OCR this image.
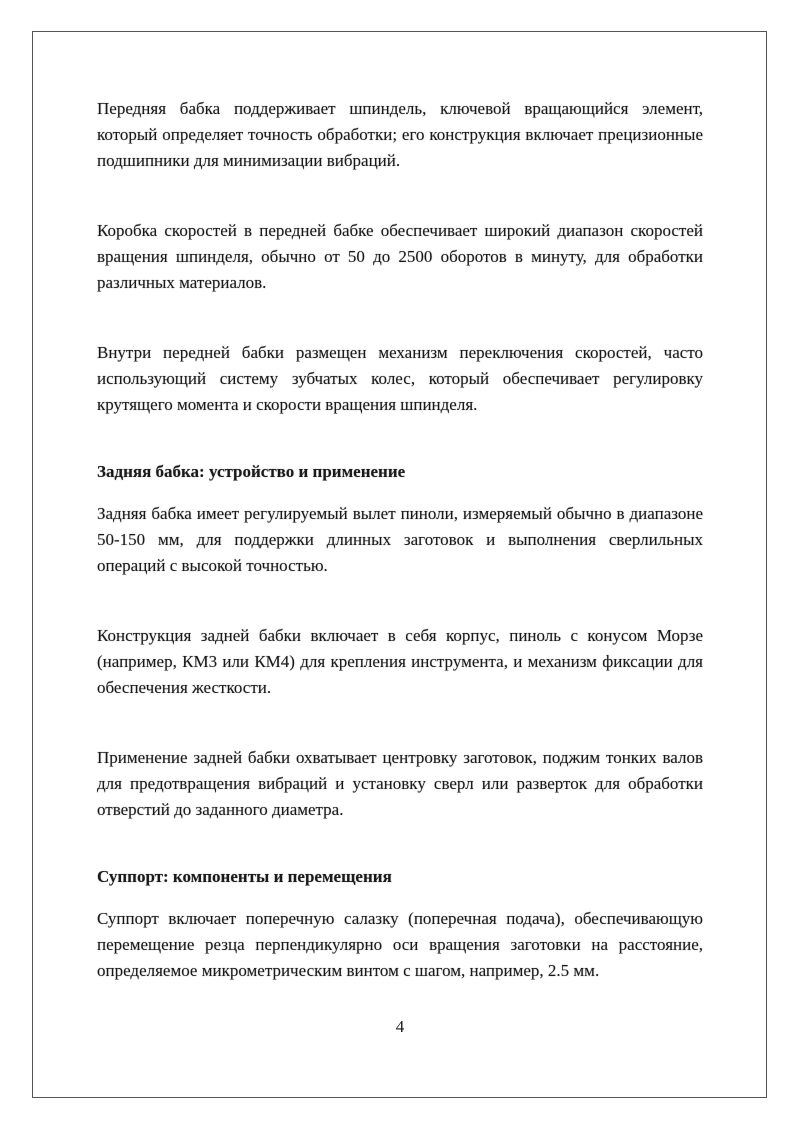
Передняя бабка поддерживает шпиндель, ключевой вращающийся элемент, который определяет точность обработки; его конструкция включает прецизионные подшипники для минимизации вибраций.

Коробка скоростей в передней бабке обеспечивает широкий диапазон скоростей вращения шпинделя, обычно от 50 до 2500 оборотов в минуту, для обработки различных материалов.

Внутри передней бабки размещен механизм переключения скоростей, часто использующий систему зубчатых колес, который обеспечивает регулировку крутящего момента и скорости вращения шпинделя.

Задняя бабка: устройство и применение

Задняя бабка имеет регулируемый вылет пиноли, измеряемый обычно в диапазоне 50-150 мм, для поддержки длинных заготовок и выполнения сверлильных операций с высокой точностью.

Конструкция задней бабки включает в себя корпус, пиноль с конусом Морзе (например, КМ3 или КМ4) для крепления инструмента, и механизм фиксации для обеспечения жесткости.

Применение задней бабки охватывает центровку заготовок, поджим тонких валов для предотвращения вибраций и установку сверл или разверток для обработки отверстий до заданного диаметра.

Суппорт: компоненты и перемещения

Суппорт включает поперечную салазку (поперечная подача), обеспечивающую перемещение резца перпендикулярно оси вращения заготовки на расстояние, определяемое микрометрическим винтом с шагом, например, 2.5 мм.

4
